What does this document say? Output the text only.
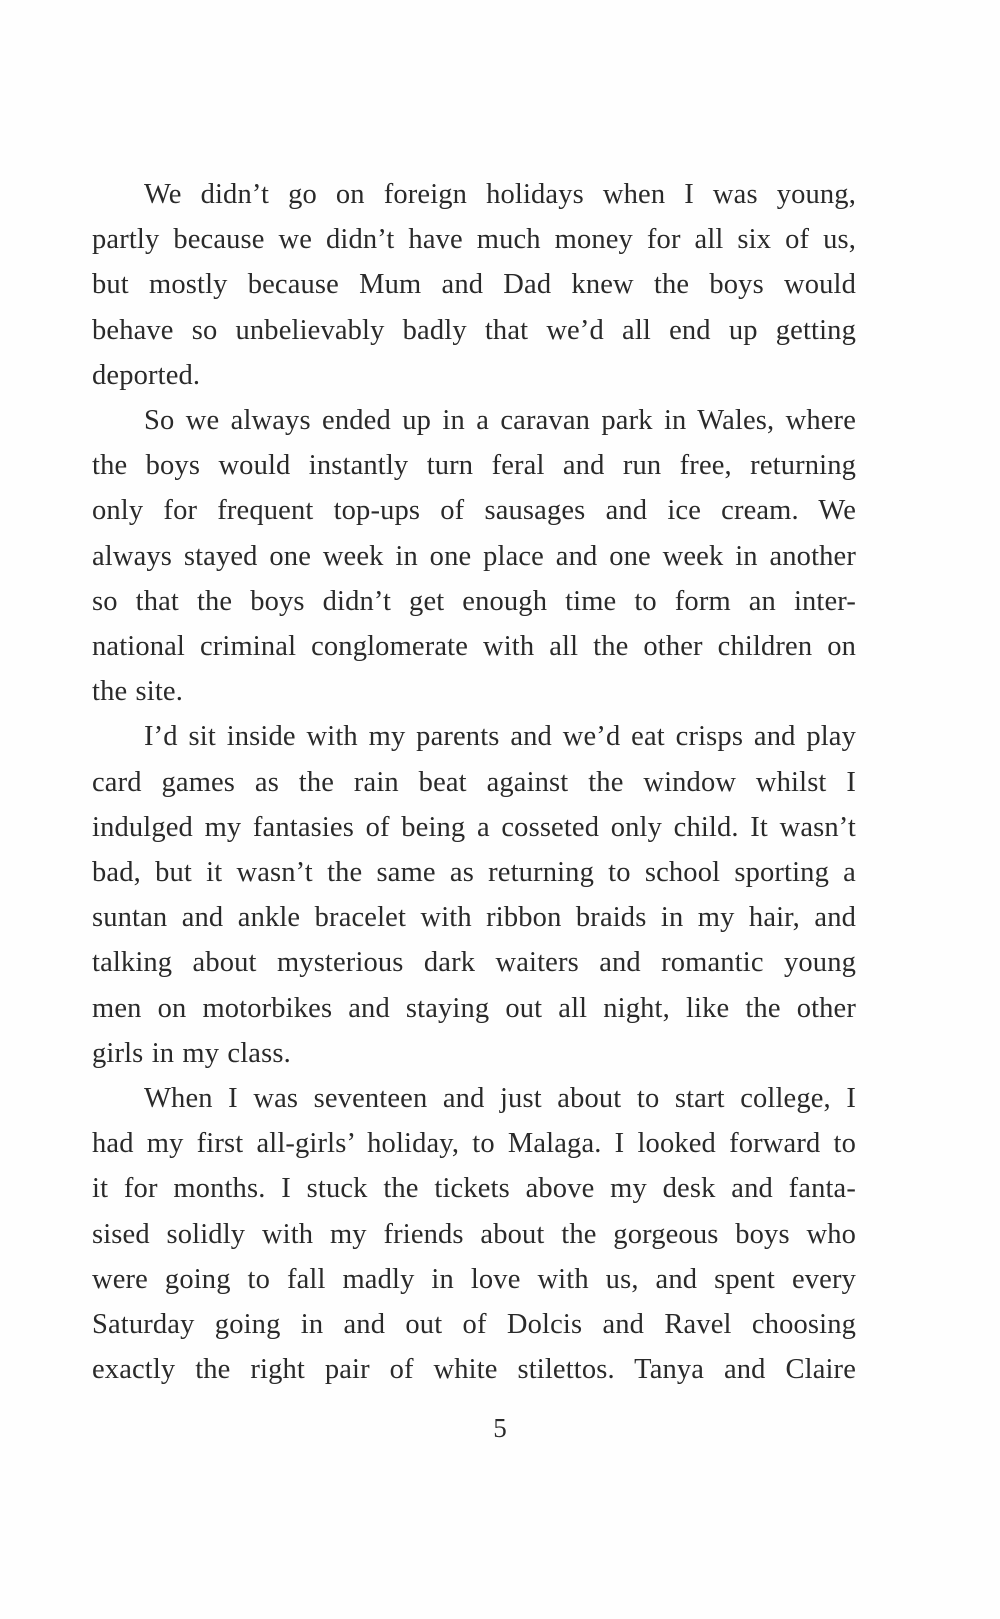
We didn’t go on foreign holidays when I was young,
partly because we didn’t have much money for all six of us,
but mostly because Mum and Dad knew the boys would
behave so unbelievably badly that we’d all end up getting
deported.
So we always ended up in a caravan park in Wales, where
the boys would instantly turn feral and run free, returning
only for frequent top-ups of sausages and ice cream. We
always stayed one week in one place and one week in another
so that the boys didn’t get enough time to form an inter-
national criminal conglomerate with all the other children on
the site.
I’d sit inside with my parents and we’d eat crisps and play
card games as the rain beat against the window whilst I
indulged my fantasies of being a cosseted only child. It wasn’t
bad, but it wasn’t the same as returning to school sporting a
suntan and ankle bracelet with ribbon braids in my hair, and
talking about mysterious dark waiters and romantic young
men on motorbikes and staying out all night, like the other
girls in my class.
When I was seventeen and just about to start college, I
had my first all-girls’ holiday, to Malaga. I looked forward to
it for months. I stuck the tickets above my desk and fanta-
sised solidly with my friends about the gorgeous boys who
were going to fall madly in love with us, and spent every
Saturday going in and out of Dolcis and Ravel choosing
exactly the right pair of white stilettos. Tanya and Claire
5
